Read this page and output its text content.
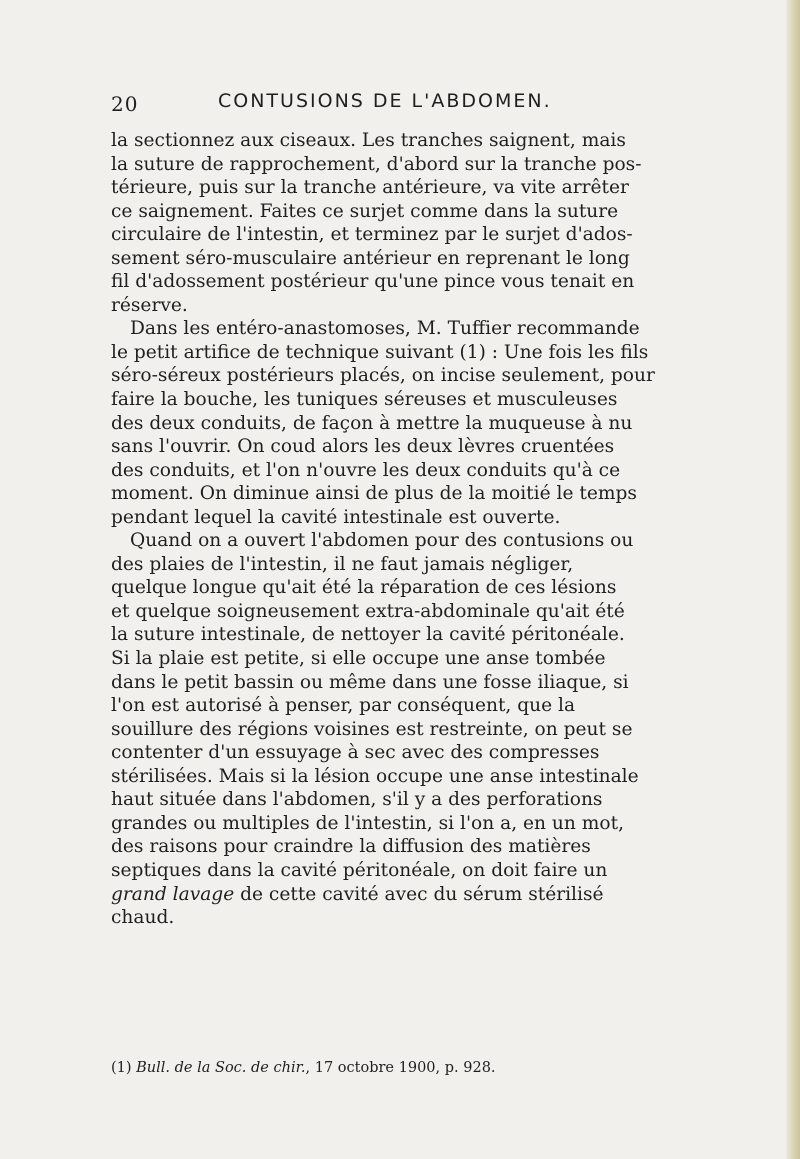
20	CONTUSIONS DE L'ABDOMEN.
la sectionnez aux ciseaux. Les tranches saignent, mais
la suture de rapprochement, d'abord sur la tranche pos-
térieure, puis sur la tranche antérieure, va vite arrêter
ce saignement. Faites ce surjet comme dans la suture
circulaire de l'intestin, et terminez par le surjet d'ados-
sement séro-musculaire antérieur en reprenant le long
fil d'adossement postérieur qu'une pince vous tenait en
réserve.
Dans les entéro-anastomoses, M. Tuffier recommande
le petit artifice de technique suivant (1) : Une fois les fils
séro-séreux postérieurs placés, on incise seulement, pour
faire la bouche, les tuniques séreuses et musculeuses
des deux conduits, de façon à mettre la muqueuse à nu
sans l'ouvrir. On coud alors les deux lèvres cruentées
des conduits, et l'on n'ouvre les deux conduits qu'à ce
moment. On diminue ainsi de plus de la moitié le temps
pendant lequel la cavité intestinale est ouverte.
Quand on a ouvert l'abdomen pour des contusions ou
des plaies de l'intestin, il ne faut jamais négliger,
quelque longue qu'ait été la réparation de ces lésions
et quelque soigneusement extra-abdominale qu'ait été
la suture intestinale, de nettoyer la cavité péritonéale.
Si la plaie est petite, si elle occupe une anse tombée
dans le petit bassin ou même dans une fosse iliaque, si
l'on est autorisé à penser, par conséquent, que la
souillure des régions voisines est restreinte, on peut se
contenter d'un essuyage à sec avec des compresses
stérilisées. Mais si la lésion occupe une anse intestinale
haut située dans l'abdomen, s'il y a des perforations
grandes ou multiples de l'intestin, si l'on a, en un mot,
des raisons pour craindre la diffusion des matières
septiques dans la cavité péritonéale, on doit faire un
grand lavage de cette cavité avec du sérum stérilisé
chaud.
(1) Bull. de la Soc. de chir., 17 octobre 1900, p. 928.
